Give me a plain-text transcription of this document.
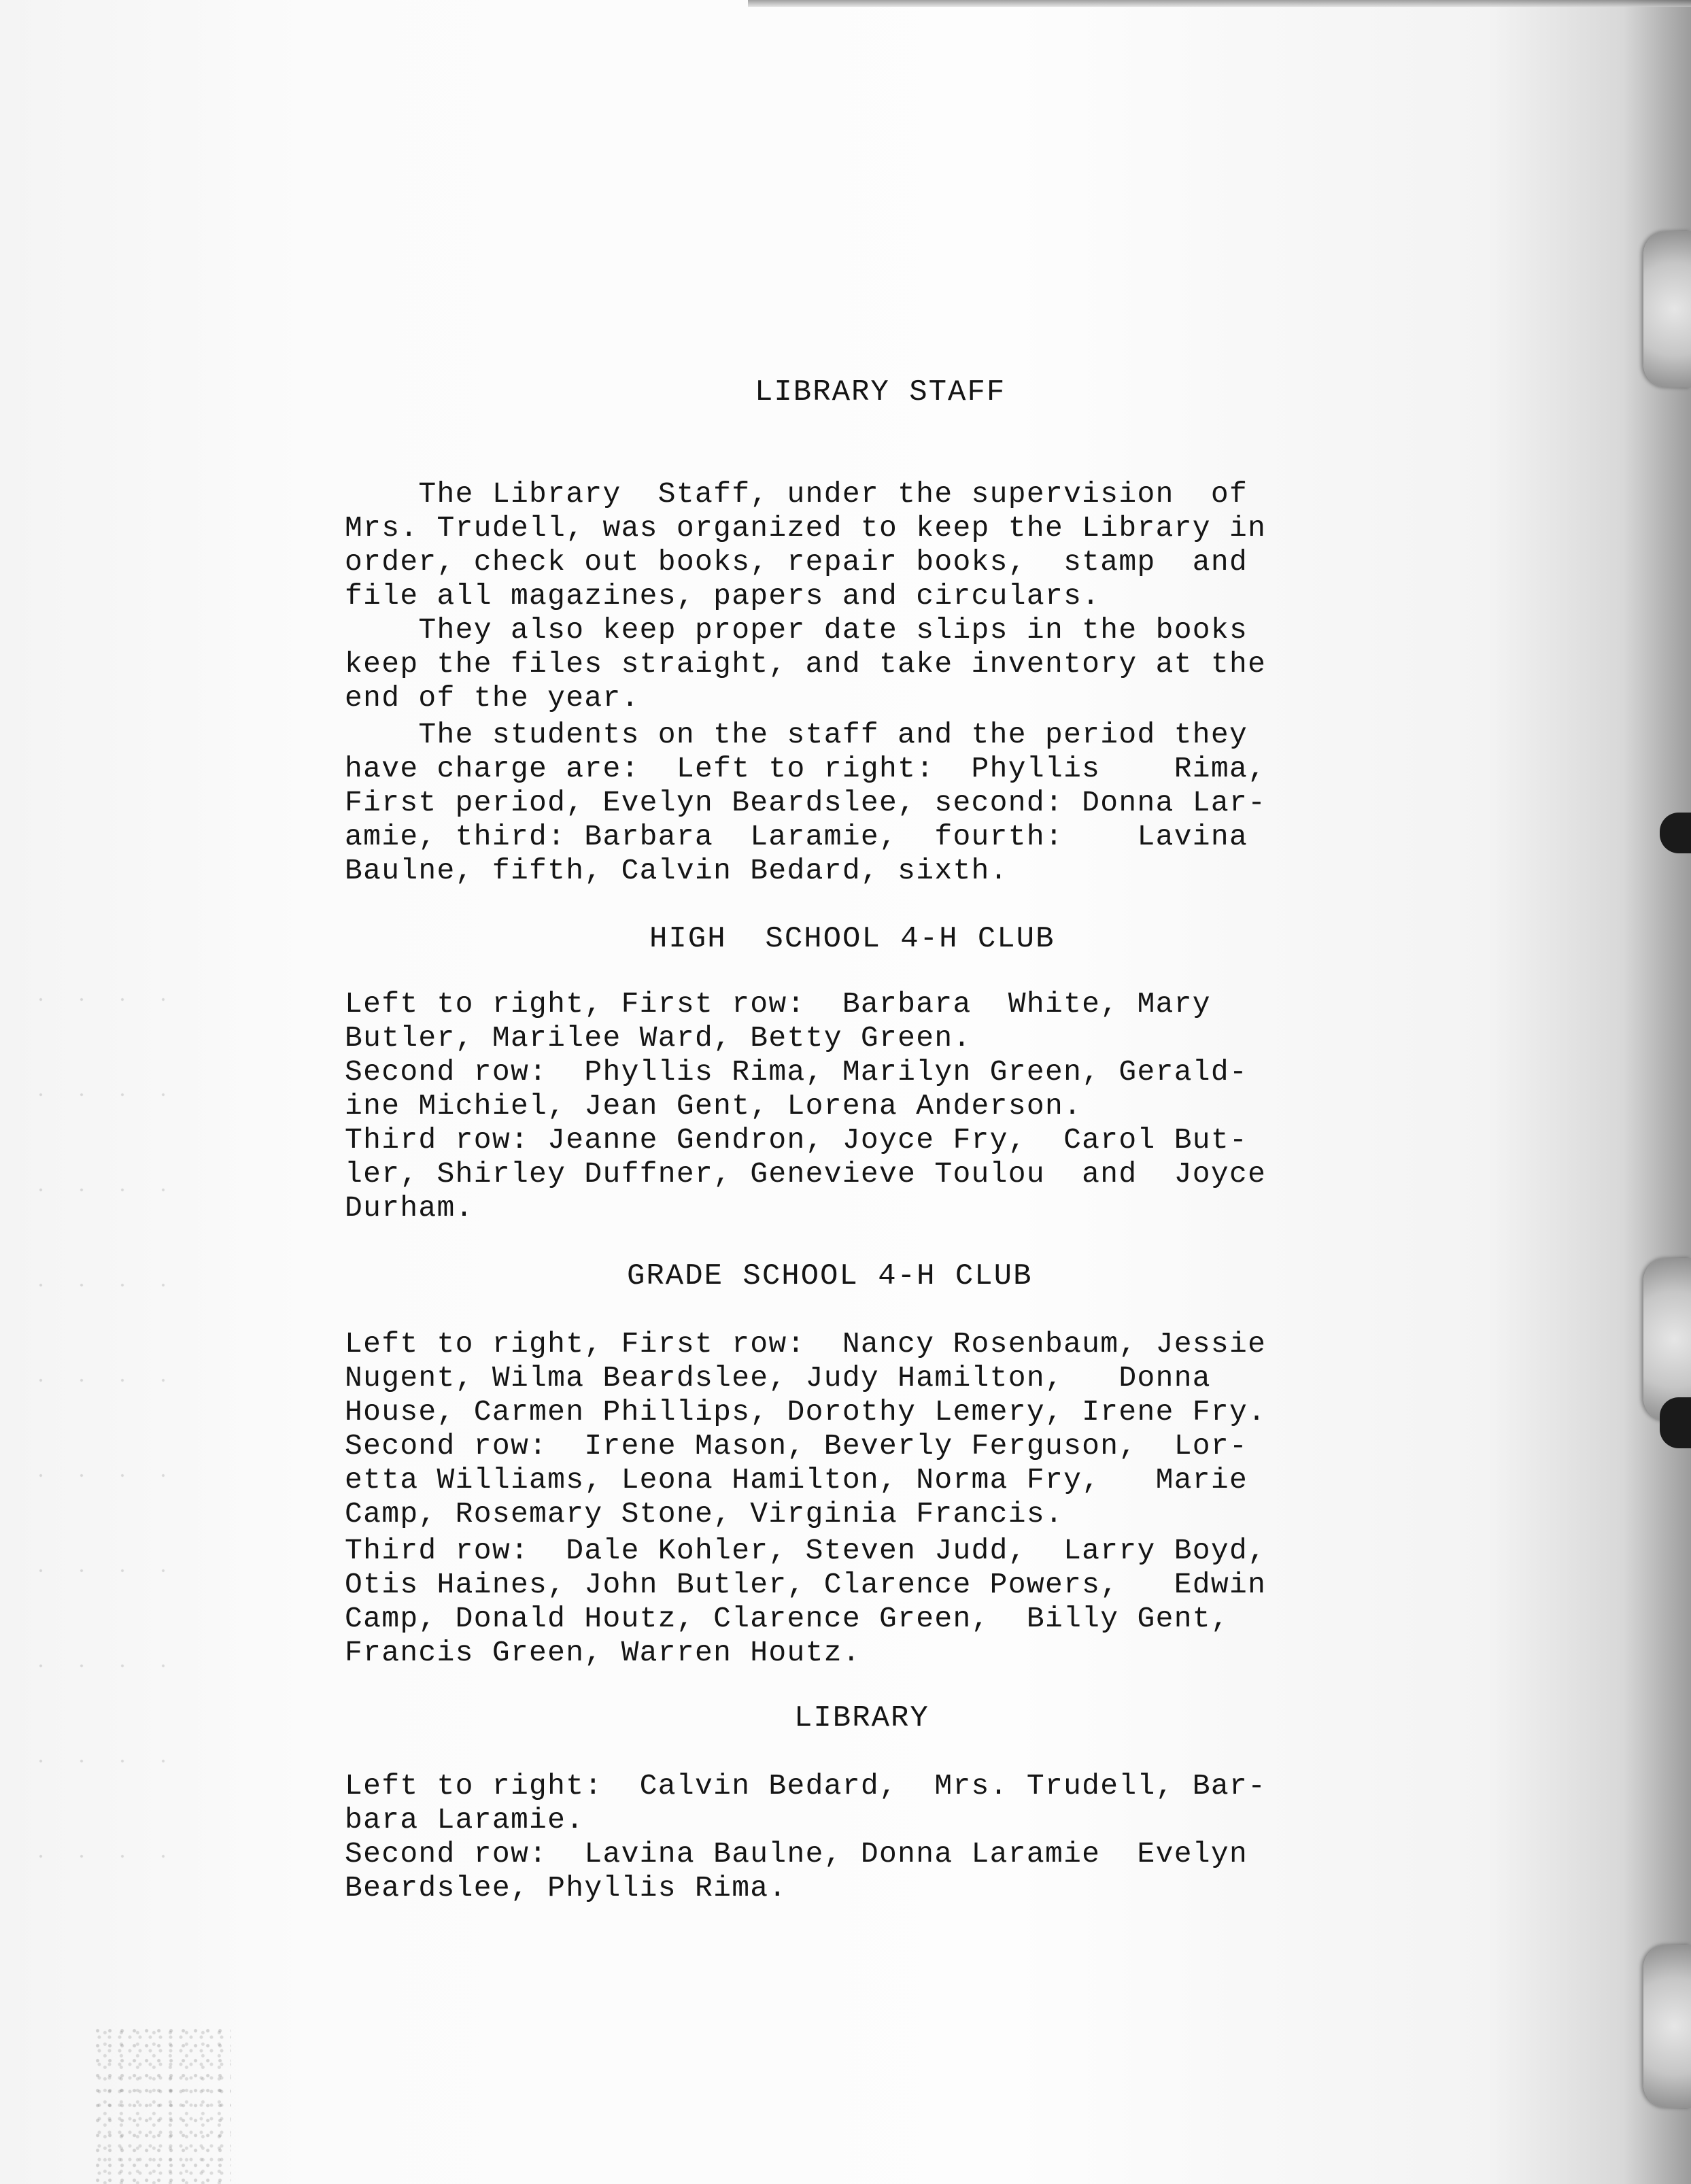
LIBRARY STAFF
The Library  Staff, under the supervision  of
Mrs. Trudell, was organized to keep the Library in
order, check out books, repair books,  stamp  and
file all magazines, papers and circulars.
They also keep proper date slips in the books
keep the files straight, and take inventory at the
end of the year.
The students on the staff and the period they
have charge are:  Left to right:  Phyllis    Rima,
First period, Evelyn Beardslee, second: Donna Lar-
amie, third: Barbara  Laramie,  fourth:    Lavina
Baulne, fifth, Calvin Bedard, sixth.
HIGH  SCHOOL 4-H CLUB
Left to right, First row:  Barbara  White, Mary
Butler, Marilee Ward, Betty Green.
Second row:  Phyllis Rima, Marilyn Green, Gerald-
ine Michiel, Jean Gent, Lorena Anderson.
Third row: Jeanne Gendron, Joyce Fry,  Carol But-
ler, Shirley Duffner, Genevieve Toulou  and  Joyce
Durham.
GRADE SCHOOL 4-H CLUB
Left to right, First row:  Nancy Rosenbaum, Jessie
Nugent, Wilma Beardslee, Judy Hamilton,   Donna
House, Carmen Phillips, Dorothy Lemery, Irene Fry.
Second row:  Irene Mason, Beverly Ferguson,  Lor-
etta Williams, Leona Hamilton, Norma Fry,   Marie
Camp, Rosemary Stone, Virginia Francis.
Third row:  Dale Kohler, Steven Judd,  Larry Boyd,
Otis Haines, John Butler, Clarence Powers,   Edwin
Camp, Donald Houtz, Clarence Green,  Billy Gent,
Francis Green, Warren Houtz.
LIBRARY
Left to right:  Calvin Bedard,  Mrs. Trudell, Bar-
bara Laramie.
Second row:  Lavina Baulne, Donna Laramie  Evelyn
Beardslee, Phyllis Rima.
